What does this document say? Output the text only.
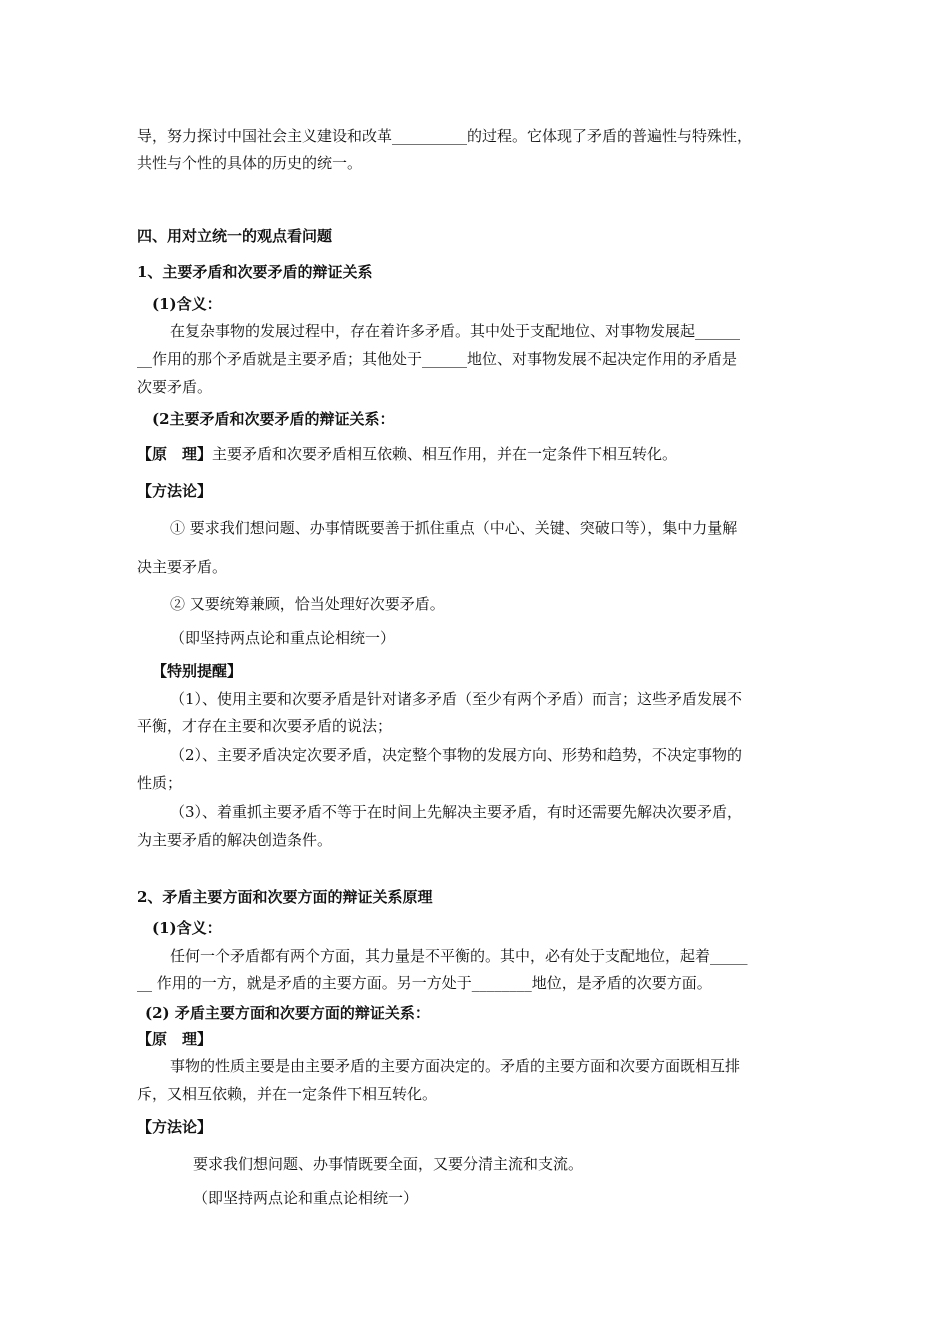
导，努力探讨中国社会主义建设和改革__________的过程。它体现了矛盾的普遍性与特殊性，
共性与个性的具体的历史的统一。
四、用对立统一的观点看问题
1、主要矛盾和次要矛盾的辩证关系
(1)含义：
在复杂事物的发展过程中，存在着许多矛盾。其中处于支配地位、对事物发展起______
__作用的那个矛盾就是主要矛盾；其他处于______地位、对事物发展不起决定作用的矛盾是
次要矛盾。
(2主要矛盾和次要矛盾的辩证关系：
【原　理】主要矛盾和次要矛盾相互依赖、相互作用，并在一定条件下相互转化。
【方法论】
① 要求我们想问题、办事情既要善于抓住重点（中心、关键、突破口等），集中力量解
决主要矛盾。
② 又要统筹兼顾，恰当处理好次要矛盾。
（即坚持两点论和重点论相统一）
【特别提醒】
（1）、使用主要和次要矛盾是针对诸多矛盾（至少有两个矛盾）而言；这些矛盾发展不
平衡，才存在主要和次要矛盾的说法；
（2）、主要矛盾决定次要矛盾，决定整个事物的发展方向、形势和趋势，不决定事物的
性质；
（3）、着重抓主要矛盾不等于在时间上先解决主要矛盾，有时还需要先解决次要矛盾，
为主要矛盾的解决创造条件。
2、矛盾主要方面和次要方面的辩证关系原理
(1)含义：
任何一个矛盾都有两个方面，其力量是不平衡的。其中，必有处于支配地位，起着_____
__ 作用的一方，就是矛盾的主要方面。另一方处于________地位，是矛盾的次要方面。
(2) 矛盾主要方面和次要方面的辩证关系：
【原　理】
事物的性质主要是由主要矛盾的主要方面决定的。矛盾的主要方面和次要方面既相互排
斥，又相互依赖，并在一定条件下相互转化。
【方法论】
要求我们想问题、办事情既要全面，又要分清主流和支流。
（即坚持两点论和重点论相统一）
